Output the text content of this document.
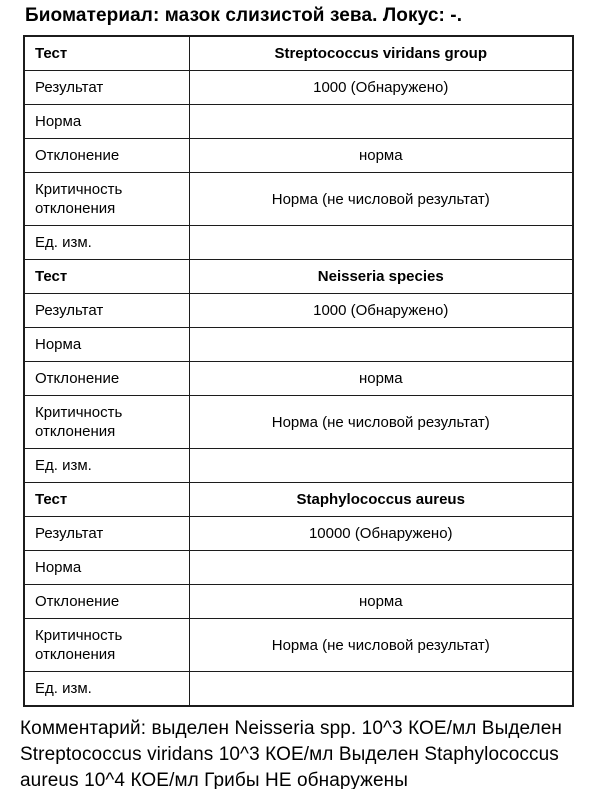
Биоматериал: мазок слизистой зева. Локус: -.
Тест	Streptococcus viridans group
Результат	1000 (Обнаружено)
Норма	
Отклонение	норма
Критичность отклонения	Норма (не числовой результат)
Ед. изм.	
Тест	Neisseria species
Результат	1000 (Обнаружено)
Норма	
Отклонение	норма
Критичность отклонения	Норма (не числовой результат)
Ед. изм.	
Тест	Staphylococcus aureus
Результат	10000 (Обнаружено)
Норма	
Отклонение	норма
Критичность отклонения	Норма (не числовой результат)
Ед. изм.	
Комментарий: выделен Neisseria spp. 10^3 КОЕ/мл Выделен Streptococcus viridans 10^3 КОЕ/мл Выделен Staphylococcus aureus 10^4 КОЕ/мл Грибы НЕ обнаружены
